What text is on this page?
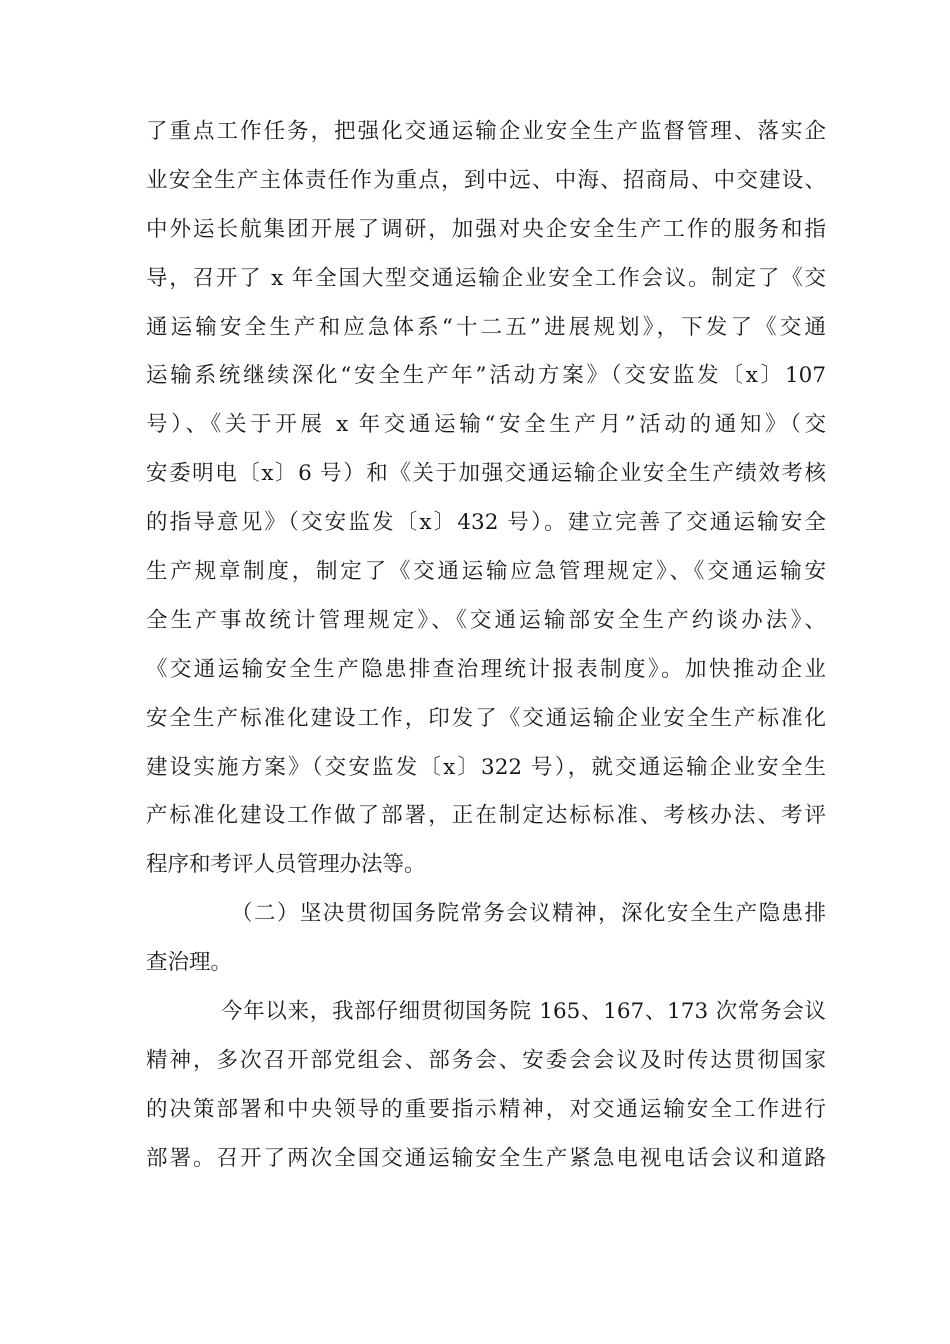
了重点工作任务，把强化交通运输企业安全生产监督管理、落实企
业安全生产主体责任作为重点，到中远、中海、招商局、中交建设、
中外运长航集团开展了调研，加强对央企安全生产工作的服务和指
导，召开了 x 年全国大型交通运输企业安全工作会议。制定了《交
通运输安全生产和应急体系“十二五”进展规划》，下发了《交通
运输系统继续深化“安全生产年”活动方案》（交安监发〔x〕107
号）、《关于开展 x 年交通运输“安全生产月”活动的通知》（交
安委明电〔x〕6 号）和《关于加强交通运输企业安全生产绩效考核
的指导意见》（交安监发〔x〕432 号）。建立完善了交通运输安全
生产规章制度，制定了《交通运输应急管理规定》、《交通运输安
全生产事故统计管理规定》、《交通运输部安全生产约谈办法》、
《交通运输安全生产隐患排查治理统计报表制度》。加快推动企业
安全生产标准化建设工作，印发了《交通运输企业安全生产标准化
建设实施方案》（交安监发〔x〕322 号），就交通运输企业安全生
产标准化建设工作做了部署，正在制定达标标准、考核办法、考评
程序和考评人员管理办法等。
（二）坚决贯彻国务院常务会议精神，深化安全生产隐患排
查治理。
今年以来，我部仔细贯彻国务院 165、167、173 次常务会议
精神，多次召开部党组会、部务会、安委会会议及时传达贯彻国家
的决策部署和中央领导的重要指示精神，对交通运输安全工作进行
部署。召开了两次全国交通运输安全生产紧急电视电话会议和道路
